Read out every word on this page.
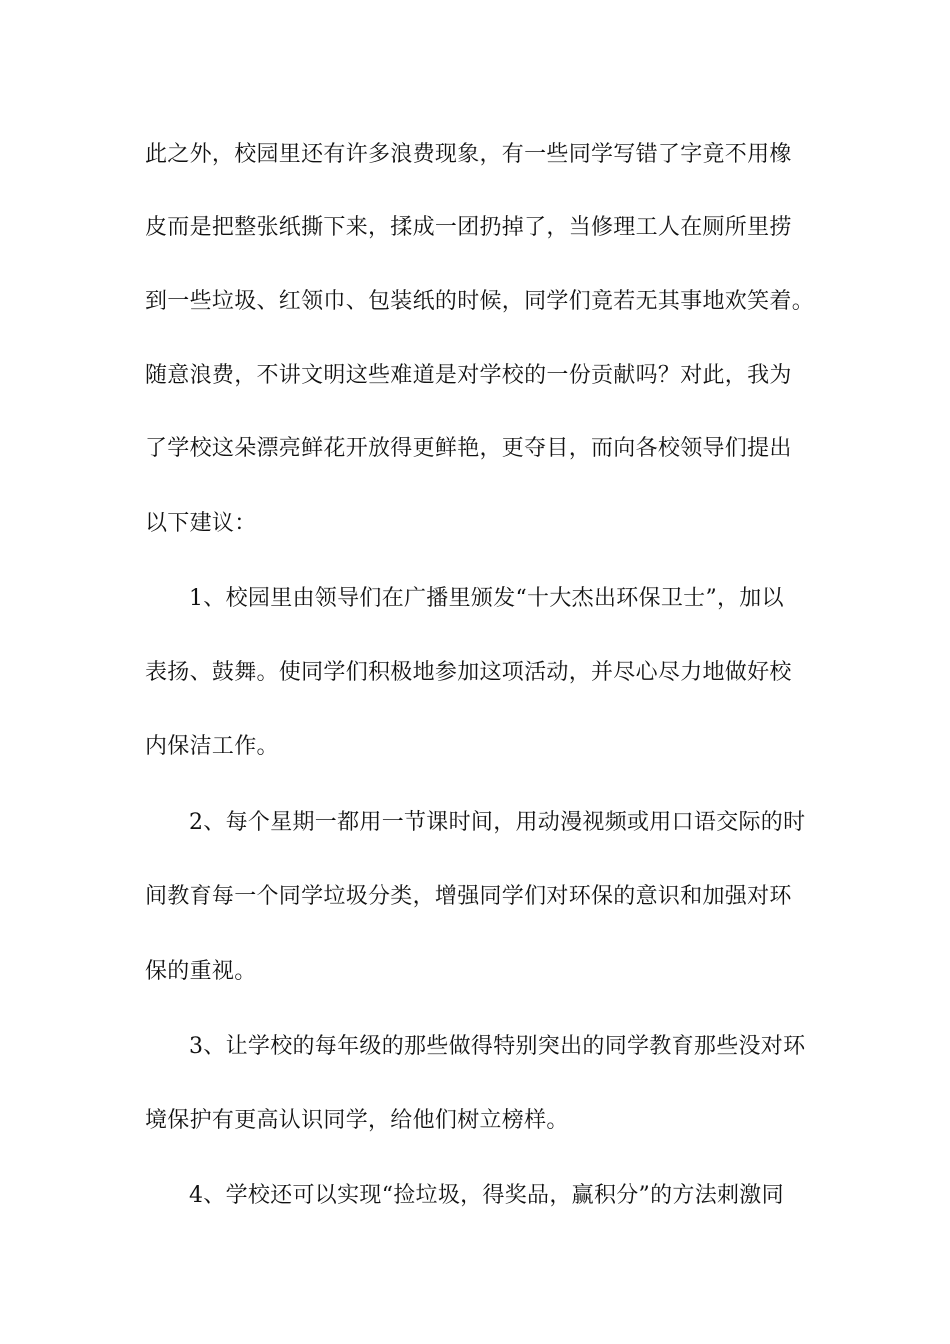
此之外，校园里还有许多浪费现象，有一些同学写错了字竟不用橡

皮而是把整张纸撕下来，揉成一团扔掉了，当修理工人在厕所里捞

到一些垃圾、红领巾、包装纸的时候，同学们竟若无其事地欢笑着。

随意浪费，不讲文明这些难道是对学校的一份贡献吗？对此，我为

了学校这朵漂亮鲜花开放得更鲜艳，更夺目，而向各校领导们提出

以下建议：

1、校园里由领导们在广播里颁发“十大杰出环保卫士”，加以

表扬、鼓舞。使同学们积极地参加这项活动，并尽心尽力地做好校

内保洁工作。

2、每个星期一都用一节课时间，用动漫视频或用口语交际的时

间教育每一个同学垃圾分类，增强同学们对环保的意识和加强对环

保的重视。

3、让学校的每年级的那些做得特别突出的同学教育那些没对环

境保护有更高认识同学，给他们树立榜样。

4、学校还可以实现“捡垃圾，得奖品，赢积分”的方法刺激同
